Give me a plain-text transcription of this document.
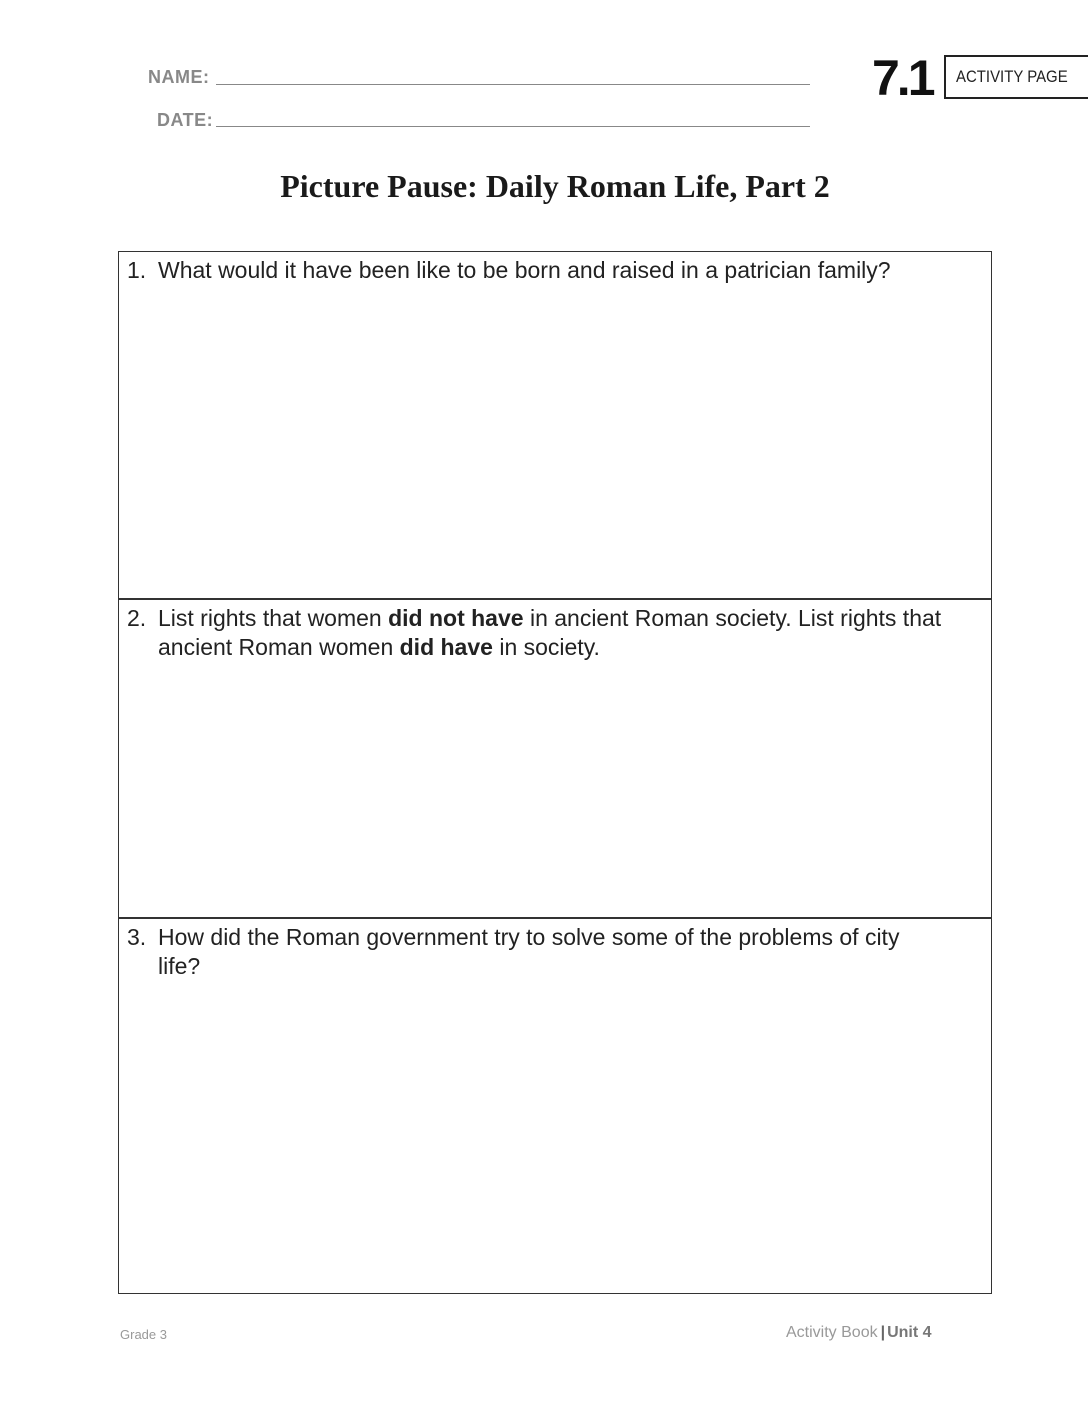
NAME:
DATE:
7.1 ACTIVITY PAGE
Picture Pause: Daily Roman Life, Part 2
1. What would it have been like to be born and raised in a patrician family?
2. List rights that women did not have in ancient Roman society. List rights that ancient Roman women did have in society.
3. How did the Roman government try to solve some of the problems of city life?
Grade 3	Activity Book | Unit 4
